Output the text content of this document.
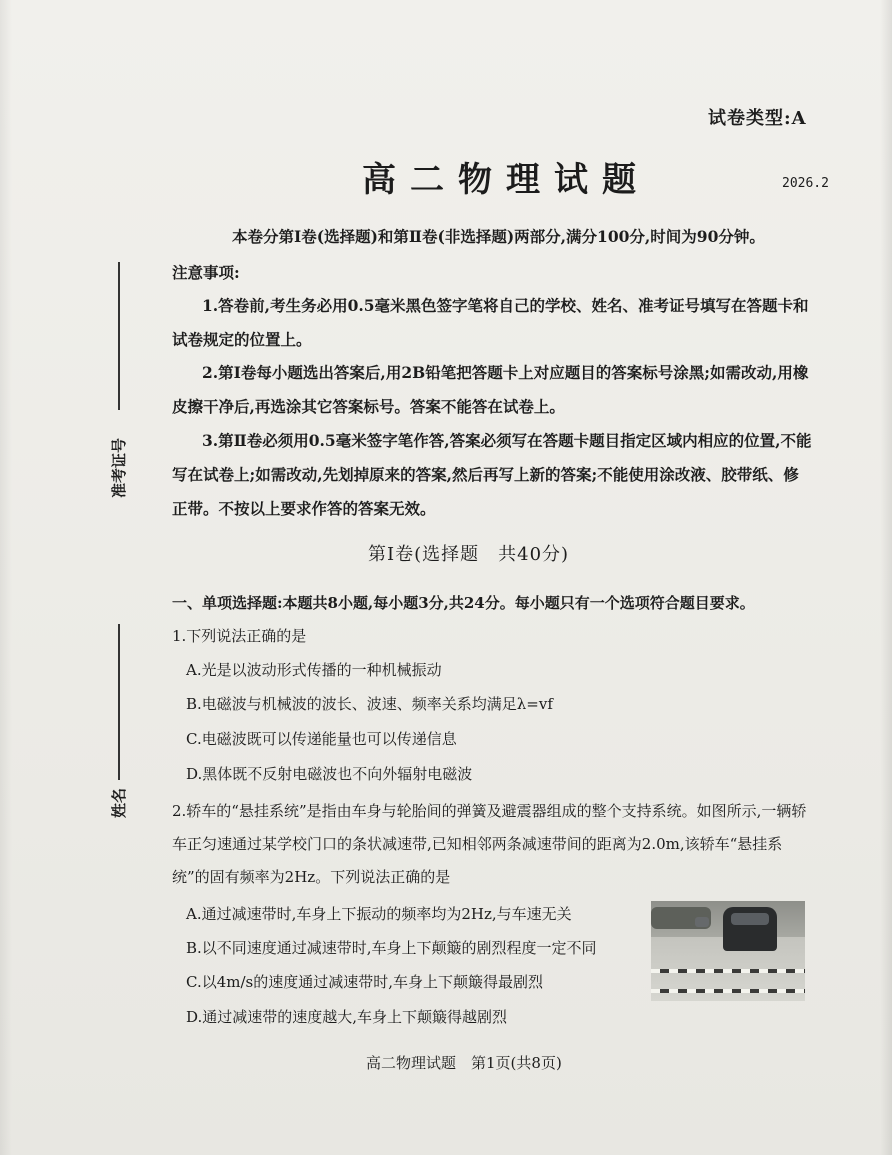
准考证号
姓名
试卷类型:A
高二物理试题	2026.2
本卷分第Ⅰ卷(选择题)和第Ⅱ卷(非选择题)两部分,满分100分,时间为90分钟。
注意事项:
1.答卷前,考生务必用0.5毫米黑色签字笔将自己的学校、姓名、准考证号填写在答题卡和试卷规定的位置上。
2.第Ⅰ卷每小题选出答案后,用2B铅笔把答题卡上对应题目的答案标号涂黑;如需改动,用橡皮擦干净后,再选涂其它答案标号。答案不能答在试卷上。
3.第Ⅱ卷必须用0.5毫米签字笔作答,答案必须写在答题卡题目指定区域内相应的位置,不能写在试卷上;如需改动,先划掉原来的答案,然后再写上新的答案;不能使用涂改液、胶带纸、修正带。不按以上要求作答的答案无效。
第Ⅰ卷(选择题　共40分)
一、单项选择题:本题共8小题,每小题3分,共24分。每小题只有一个选项符合题目要求。
1.下列说法正确的是
A.光是以波动形式传播的一种机械振动
B.电磁波与机械波的波长、波速、频率关系均满足λ=vf
C.电磁波既可以传递能量也可以传递信息
D.黑体既不反射电磁波也不向外辐射电磁波
2.轿车的“悬挂系统”是指由车身与轮胎间的弹簧及避震器组成的整个支持系统。如图所示,一辆轿车正匀速通过某学校门口的条状减速带,已知相邻两条减速带间的距离为2.0m,该轿车“悬挂系统”的固有频率为2Hz。下列说法正确的是
A.通过减速带时,车身上下振动的频率均为2Hz,与车速无关
B.以不同速度通过减速带时,车身上下颠簸的剧烈程度一定不同
C.以4m/s的速度通过减速带时,车身上下颠簸得最剧烈
D.通过减速带的速度越大,车身上下颠簸得越剧烈
高二物理试题　第1页(共8页)
